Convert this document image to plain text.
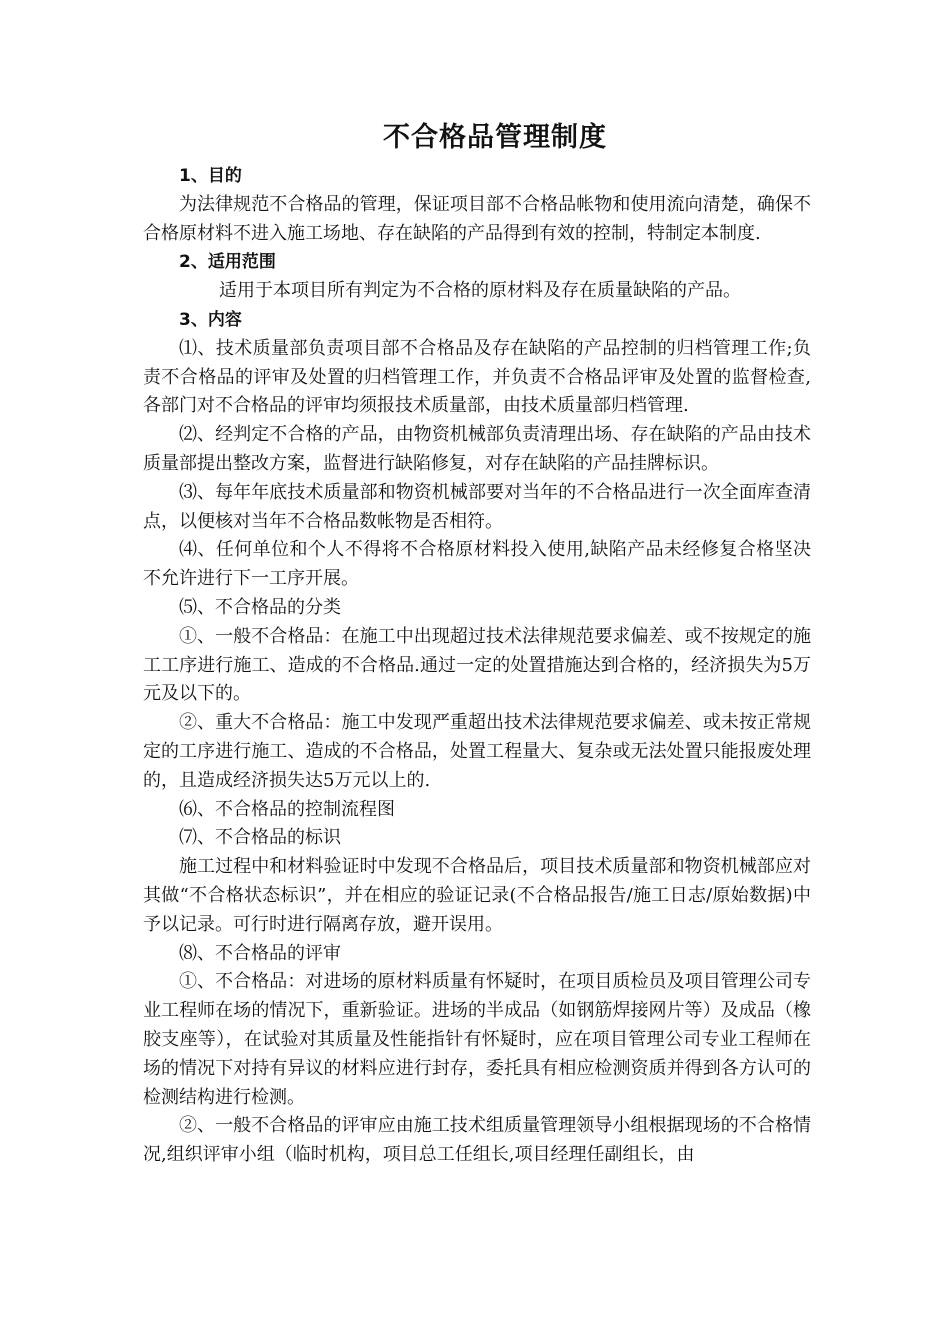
不合格品管理制度

1、目的

为法律规范不合格品的管理，保证项目部不合格品帐物和使用流向清楚，确保不合格原材料不进入施工场地、存在缺陷的产品得到有效的控制，特制定本制度.

2、适用范围

适用于本项目所有判定为不合格的原材料及存在质量缺陷的产品。

3、内容

⑴、技术质量部负责项目部不合格品及存在缺陷的产品控制的归档管理工作;负责不合格品的评审及处置的归档管理工作，并负责不合格品评审及处置的监督检查,各部门对不合格品的评审均须报技术质量部，由技术质量部归档管理.

⑵、经判定不合格的产品，由物资机械部负责清理出场、存在缺陷的产品由技术质量部提出整改方案，监督进行缺陷修复，对存在缺陷的产品挂牌标识。

⑶、每年年底技术质量部和物资机械部要对当年的不合格品进行一次全面库查清点，以便核对当年不合格品数帐物是否相符。

⑷、任何单位和个人不得将不合格原材料投入使用,缺陷产品未经修复合格坚决不允许进行下一工序开展。

⑸、不合格品的分类

①、一般不合格品：在施工中出现超过技术法律规范要求偏差、或不按规定的施工工序进行施工、造成的不合格品.通过一定的处置措施达到合格的，经济损失为5万元及以下的。

②、重大不合格品：施工中发现严重超出技术法律规范要求偏差、或未按正常规定的工序进行施工、造成的不合格品，处置工程量大、复杂或无法处置只能报废处理的，且造成经济损失达5万元以上的.

⑹、不合格品的控制流程图

⑺、不合格品的标识

施工过程中和材料验证时中发现不合格品后，项目技术质量部和物资机械部应对其做“不合格状态标识”，并在相应的验证记录(不合格品报告/施工日志/原始数据)中予以记录。可行时进行隔离存放，避开误用。

⑻、不合格品的评审

①、不合格品：对进场的原材料质量有怀疑时，在项目质检员及项目管理公司专业工程师在场的情况下，重新验证。进场的半成品（如钢筋焊接网片等）及成品（橡胶支座等），在试验对其质量及性能指针有怀疑时，应在项目管理公司专业工程师在场的情况下对持有异议的材料应进行封存，委托具有相应检测资质并得到各方认可的检测结构进行检测。

②、一般不合格品的评审应由施工技术组质量管理领导小组根据现场的不合格情况,组织评审小组（临时机构，项目总工任组长,项目经理任副组长，由
